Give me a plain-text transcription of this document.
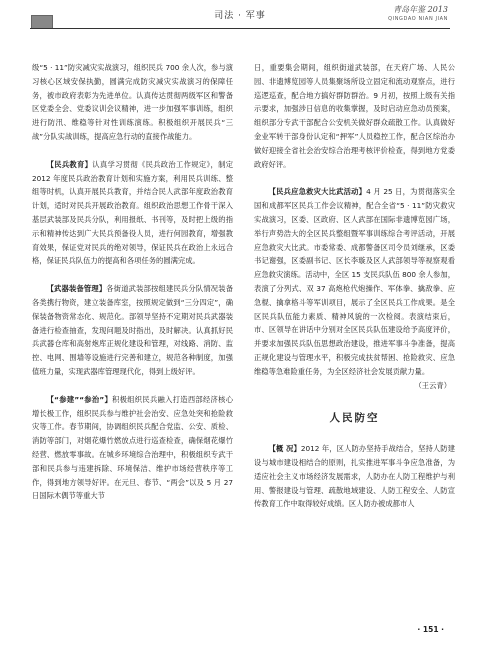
司法 · 军事
青岛年鉴 2013
QINGDAO NIAN JIAN

级“5 · 11”防灾减灾实战演习，组织民兵 700 余人次，参与演习核心区域安保执勤，圆满完成防灾减灾实战演习的保障任务，被市政府表彰为先进单位。认真传达贯彻两级军区和警备区党委全会、党委议训会议精神，进一步加强军事训练，组织进行防汛、维稳等针对性训练演练。积极组织开展民兵“三战”分队实战训练，提高应急行动的直接作战能力。

【民兵教育】认真学习贯彻《民兵政治工作规定》，制定 2012 年度民兵政治教育计划和实施方案，利用民兵训练、整组等时机，认真开展民兵教育，并结合民人武部年度政治教育计划，适时对民兵开展政治教育。组织政治思想工作骨干深入基层武装部及民兵分队，利用报纸、书刊等，及时把上级的指示和精神传达到广大民兵预备役人员，进行何园教育，增强教育效果，保证党对民兵的绝对领导，保证民兵在政治上永远合格，保证民兵队伍力的提高和各项任务的圆满完成。

【武器装备管理】各街道武装部按组建民兵分队情况装备各类携行物资，建立装备库室，按照规定做到“三分四定”，确保装备物资常态化、规范化。部领导坚持不定期对民兵武器装备进行检查抽查，发现问题及时指出，及时解决。认真抓好民兵武器仓库和高射炮库正规化建设和管理，对线路、消防、监控、电网、围墙等设施进行完善和建立，规范各种制度，加强值班力量，实现武器库管理现代化，得到上级好评。

【“参建”“参治”】积极组织民兵融入打造西部经济核心增长极工作，组织民兵参与维护社会治安、应急处突和抢险救灾等工作。春节期间，协调组织民兵配合党监、公安、质检、消防等部门，对烟花爆竹燃放点进行巡查检查，确保烟花爆竹经营、燃放零事故。在城乡环境综合治理中，积极组织专武干部和民兵参与违建拆除、环境保洁、维护市场经营秩序等工作，得到地方领导好评。在元旦、春节、“两会”以及 5 月 27 日国际木偶节等重大节

日，重要集会期间，组织街道武装部，在天府广场、人民公园、非遗博览园等人员集聚场所设立固定和流动观察点，进行巡逻巡查，配合地方搞好群防群治。9 月初，按照上级有关指示要求，加强涉日信息的收集掌握，及时启动应急动员预案，组织部分专武干部配合公安机关做好群众疏散工作。认真做好金业军转干部身份认定和“押军”人员稳控工作，配合区综治办做好迎接全省社会治安综合治理考核评价检查，得到地方党委政府好评。

【民兵应急救灾大比武活动】4 月 25 日，为贯彻落实全国和成都军区民兵工作会议精神，配合全省“5 · 11”防灾救灾实战演习，区委、区政府、区人武部在国际非遗博览园广场，举行声势浩大的全区民兵整组暨军事训练综合考评活动，开展应急救灾大比武。市委常委、成都警备区司令员刘继承，区委书记谢强，区委副书记、区长李璇及区人武部领导等视察观看应急救灾演练。活动中，全区 15 支民兵队伍 800 余人参加，表演了分列式、双 37 高炮枪代炮操作、军体拳、擒敌拳、应急棍、擒拿格斗等军训项目，展示了全区民兵工作成果。是全区民兵队伍能力素质、精神风貌的一次检阅。表演结束后，市、区领导在讲话中分别对全区民兵队伍建设给予高度评价，并要求加强民兵队伍思想政治建设，推进军事斗争准备，提高正规化建设与管理水平，积极完成扶贫帮困、抢险救灾、应急维稳等急难险重任务，为全区经济社会发展贡献力量。

（王云青）
人民防空

【概 况】2012 年，区人防办坚持手战结合，坚持人防建设与城市建设相结合的原则，扎实推进军事斗争应急准备，为适应社会主义市场经济发展需求，人防办在人防工程维护与利用、警报建设与管理、疏散地域建设、人防工程安全、人防宣传教育工作中取得较好成绩。区人防办被成都市人

· 151 ·
